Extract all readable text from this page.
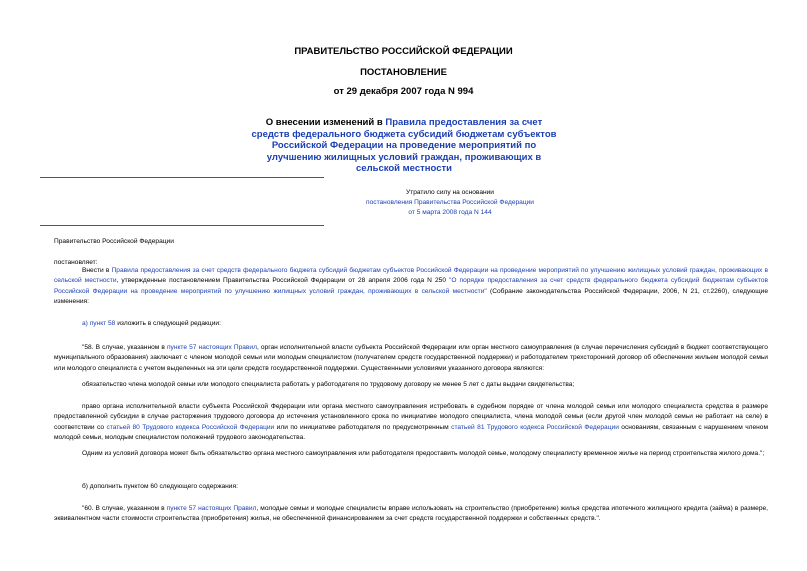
ПРАВИТЕЛЬСТВО РОССИЙСКОЙ ФЕДЕРАЦИИ
ПОСТАНОВЛЕНИЕ
от 29 декабря 2007 года N 994
О внесении изменений в Правила предоставления за счет средств федерального бюджета субсидий бюджетам субъектов Российской Федерации на проведение мероприятий по улучшению жилищных условий граждан, проживающих в сельской местности
Утратило силу на основании
постановления Правительства Российской Федерации
от 5 марта 2008 года N 144
Правительство Российской Федерации
постановляет:
Внести в Правила предоставления за счет средств федерального бюджета субсидий бюджетам субъектов Российской Федерации на проведение мероприятий по улучшению жилищных условий граждан, проживающих в сельской местности, утвержденные постановлением Правительства Российской Федерации от 28 апреля 2006 года N 250 "О порядке предоставления за счет средств федерального бюджета субсидий бюджетам субъектов Российской Федерации на проведение мероприятий по улучшению жилищных условий граждан, проживающих в сельской местности" (Собрание законодательства Российской Федерации, 2006, N 21, ст.2260), следующие изменения:
а) пункт 58 изложить в следующей редакции:
"58. В случае, указанном в пункте 57 настоящих Правил, орган исполнительной власти субъекта Российской Федерации или орган местного самоуправления (в случае перечисления субсидий в бюджет соответствующего муниципального образования) заключает с членом молодой семьи или молодым специалистом (получателем средств государственной поддержки) и работодателем трехсторонний договор об обеспечении жильем молодой семьи или молодого специалиста с учетом выделенных на эти цели средств государственной поддержки. Существенными условиями указанного договора являются:
обязательство члена молодой семьи или молодого специалиста работать у работодателя по трудовому договору не менее 5 лет с даты выдачи свидетельства;
право органа исполнительной власти субъекта Российской Федерации или органа местного самоуправления истребовать в судебном порядке от члена молодой семьи или молодого специалиста средства в размере предоставленной субсидии в случае расторжения трудового договора до истечения установленного срока по инициативе молодого специалиста, члена молодой семьи (если другой член молодой семьи не работает на селе) в соответствии со статьей 80 Трудового кодекса Российской Федерации или по инициативе работодателя по предусмотренным статьей 81 Трудового кодекса Российской Федерации основаниям, связанным с нарушением членом молодой семьи, молодым специалистом положений трудового законодательства.
Одним из условий договора может быть обязательство органа местного самоуправления или работодателя предоставить молодой семье, молодому специалисту временное жилье на период строительства жилого дома.";
б) дополнить пунктом 60 следующего содержания:
"60. В случае, указанном в пункте 57 настоящих Правил, молодые семьи и молодые специалисты вправе использовать на строительство (приобретение) жилья средства ипотечного жилищного кредита (займа) в размере, эквивалентном части стоимости строительства (приобретения) жилья, не обеспеченной финансированием за счет средств государственной поддержки и собственных средств.".
